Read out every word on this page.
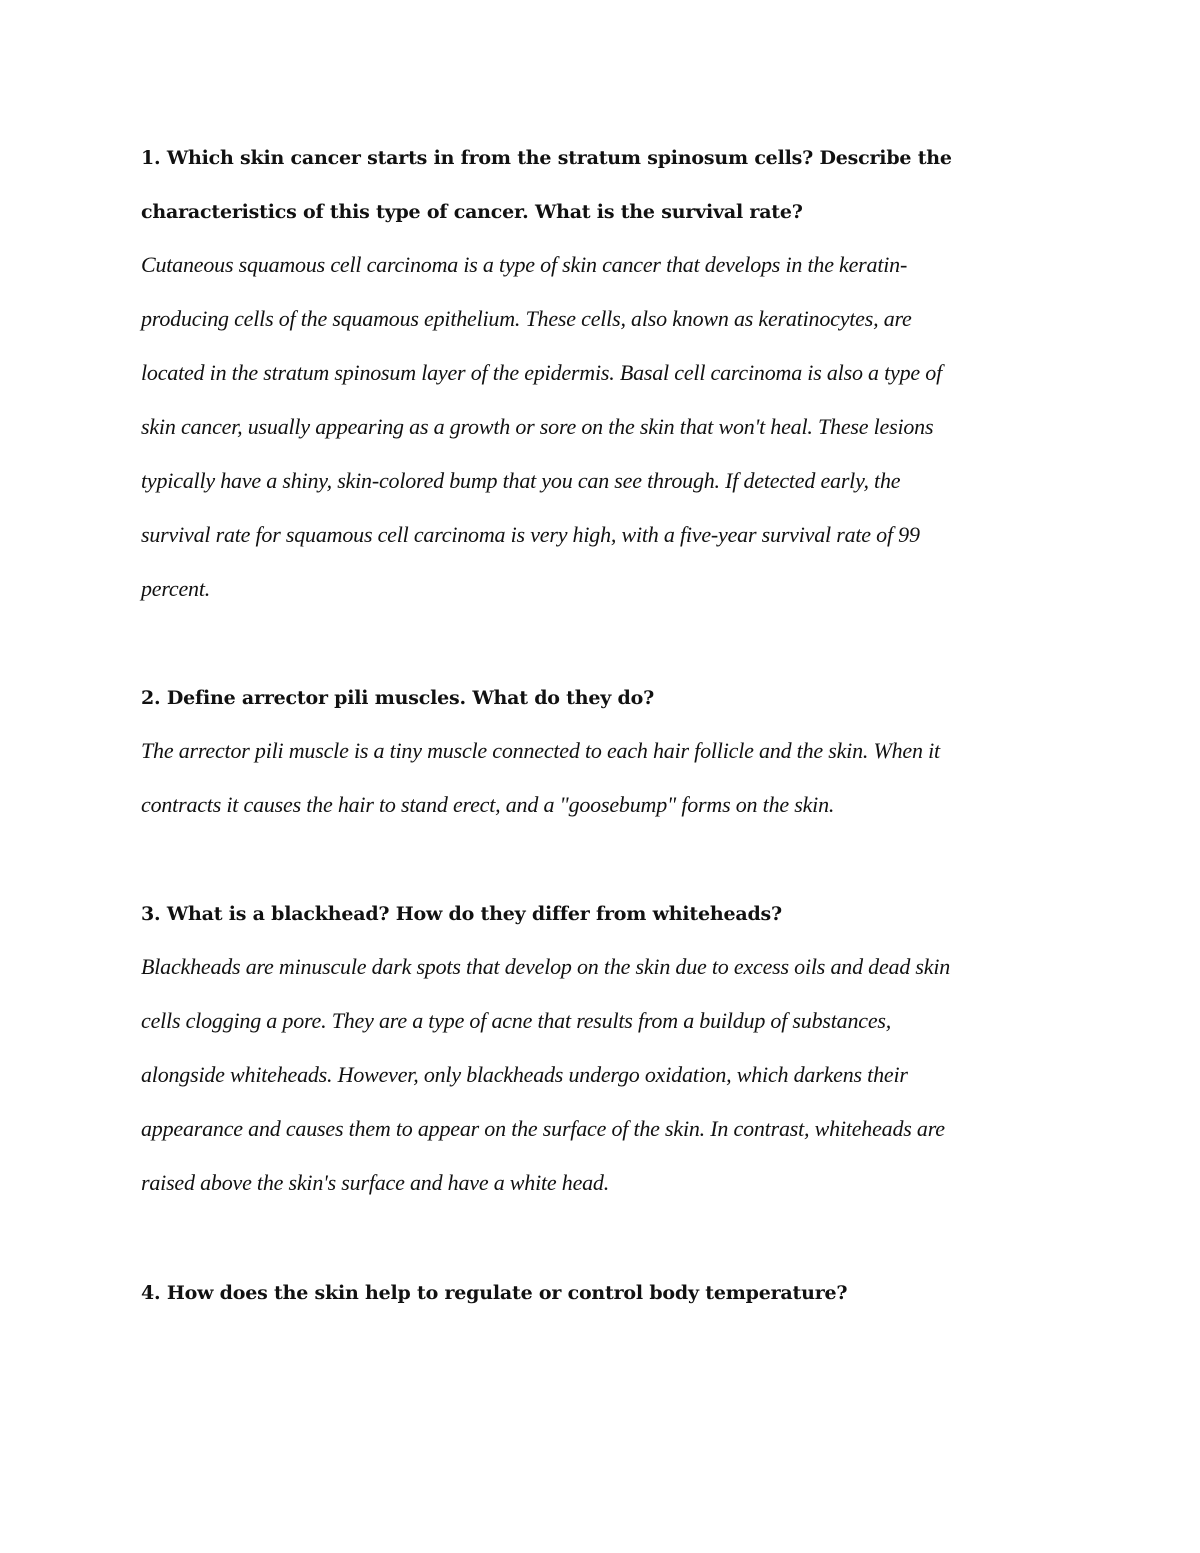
1. Which skin cancer starts in from the stratum spinosum cells? Describe the
characteristics of this type of cancer. What is the survival rate?
Cutaneous squamous cell carcinoma is a type of skin cancer that develops in the keratin-
producing cells of the squamous epithelium. These cells, also known as keratinocytes, are
located in the stratum spinosum layer of the epidermis. Basal cell carcinoma is also a type of
skin cancer, usually appearing as a growth or sore on the skin that won't heal. These lesions
typically have a shiny, skin-colored bump that you can see through. If detected early, the
survival rate for squamous cell carcinoma is very high, with a five-year survival rate of 99
percent.
2. Define arrector pili muscles. What do they do?
The arrector pili muscle is a tiny muscle connected to each hair follicle and the skin. When it
contracts it causes the hair to stand erect, and a "goosebump" forms on the skin.
3. What is a blackhead? How do they differ from whiteheads?
Blackheads are minuscule dark spots that develop on the skin due to excess oils and dead skin
cells clogging a pore. They are a type of acne that results from a buildup of substances,
alongside whiteheads. However, only blackheads undergo oxidation, which darkens their
appearance and causes them to appear on the surface of the skin. In contrast, whiteheads are
raised above the skin's surface and have a white head.
4. How does the skin help to regulate or control body temperature?
